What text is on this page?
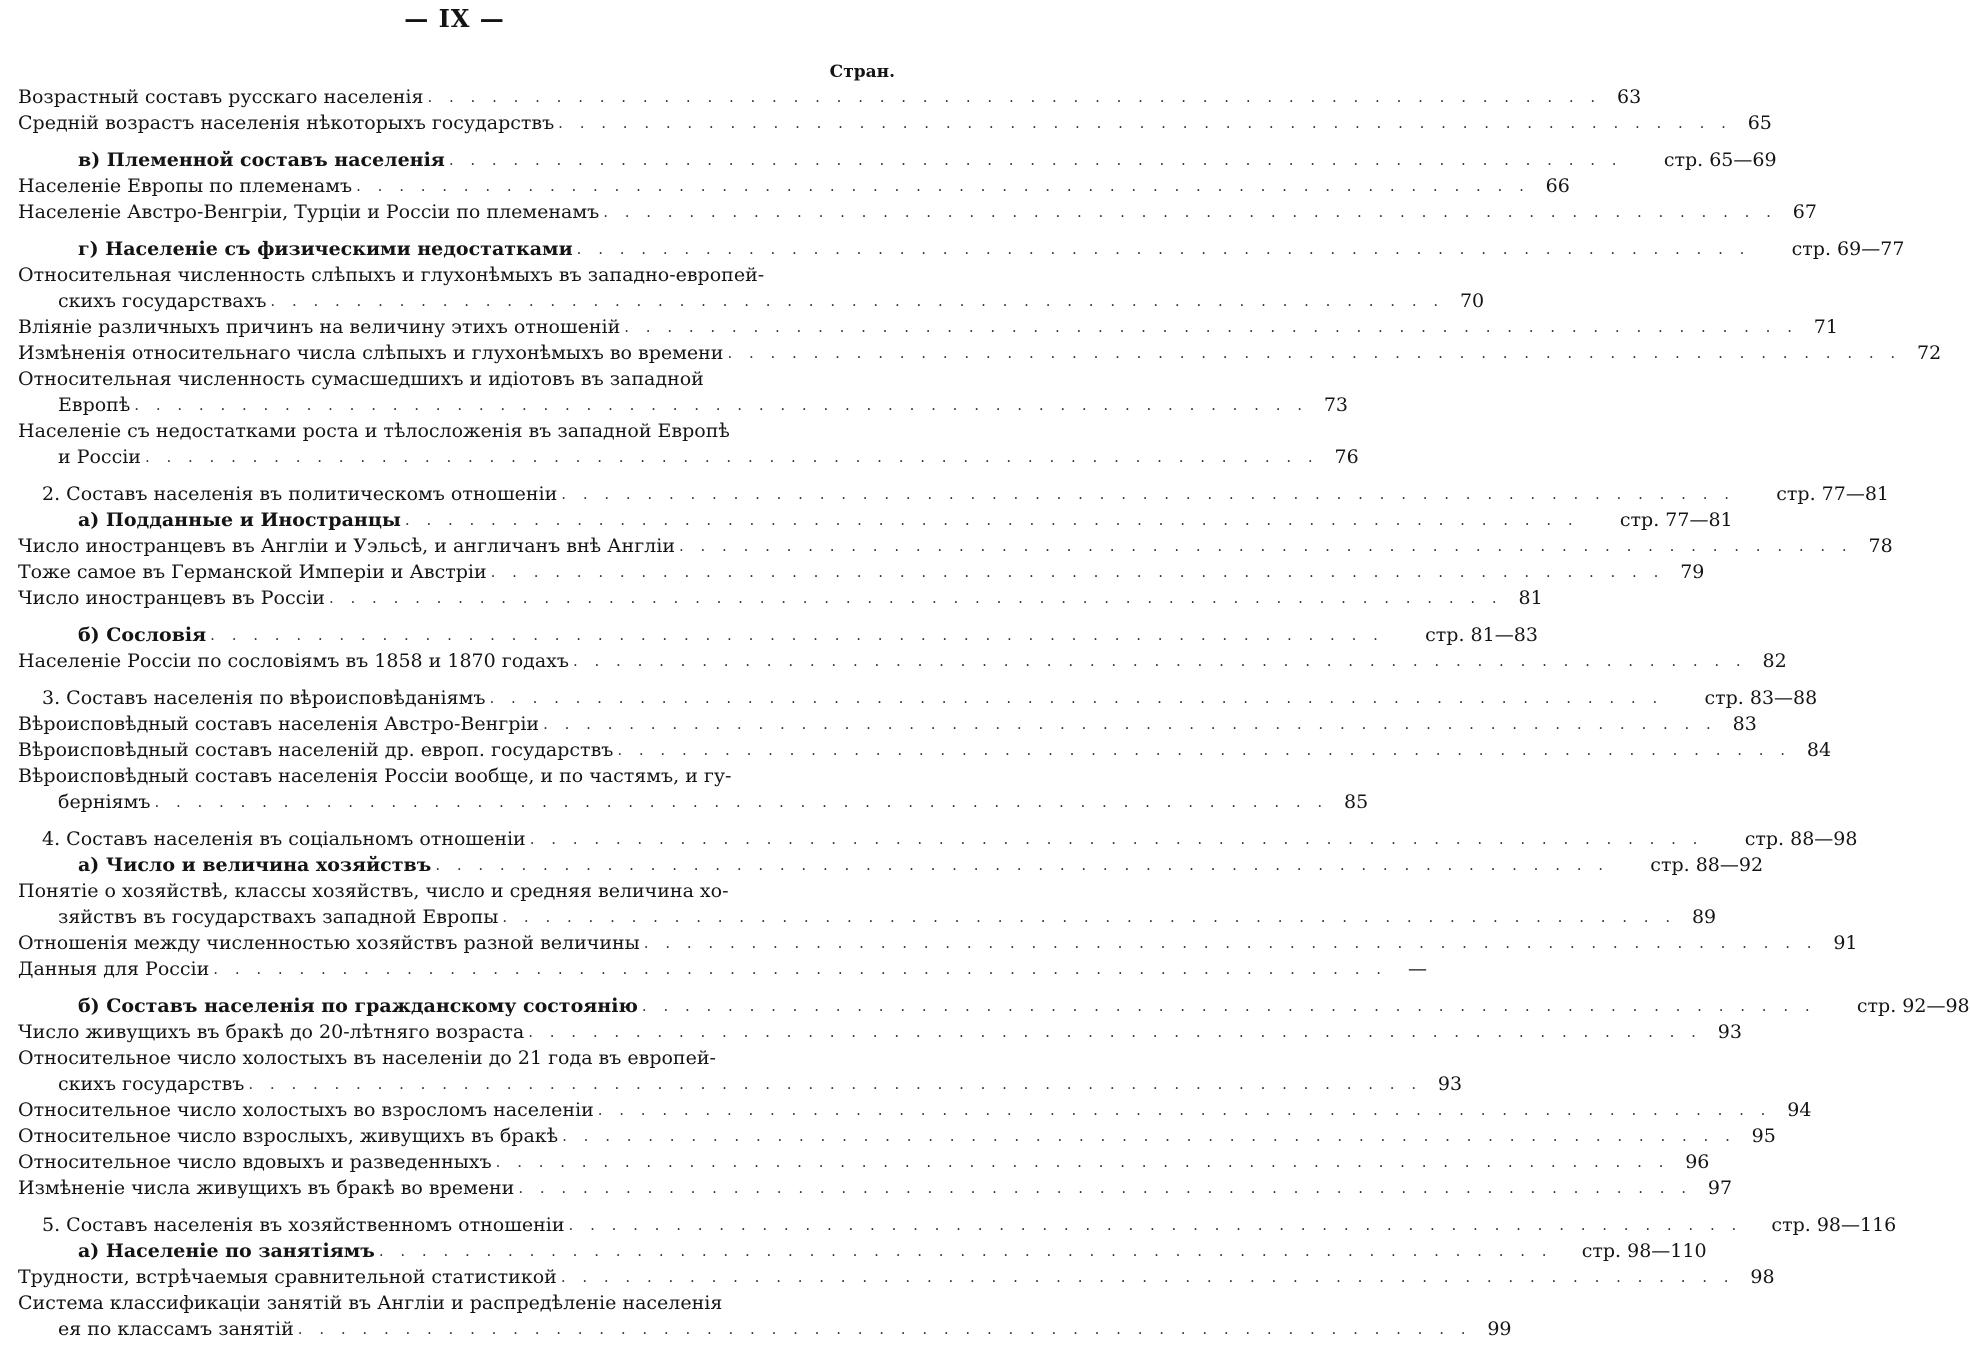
— IX —
Стран.
Возрастный составъ русскаго населенія . . . . . . . . . . . . . . . . . . . . . . . . . . . . . . . . . . . . . . . . . . . . . . . . . . . . . . . 63
Средній возрастъ населенія нѣкоторыхъ государствъ . . . . . . . . . . . . . . . . . . . . . . . . . . . . . . . . . . . . . . . . . . . . . . . . . . . . . . . 65
в) Племенной составъ населенія . . . . . . . . . . . . . . . . . . . . . . . . . . . . . . . . . . . . . . . . . . . . . . . . . . . . . . .	стр. 65—69
Населеніе Европы по племенамъ . . . . . . . . . . . . . . . . . . . . . . . . . . . . . . . . . . . . . . . . . . . . . . . . . . . . . . . 66
Населеніе Австро-Венгріи, Турціи и Россіи по племенамъ . . . . . . . . . . . . . . . . . . . . . . . . . . . . . . . . . . . . . . . . . . . . . . . . . . . . . . . 67
г) Населеніе съ физическими недостатками . . . . . . . . . . . . . . . . . . . . . . . . . . . . . . . . . . . . . . . . . . . . . . . . . . . . . . .	стр. 69—77
Относительная численность слѣпыхъ и глухонѣмыхъ въ западно-европей-
скихъ государствахъ . . . . . . . . . . . . . . . . . . . . . . . . . . . . . . . . . . . . . . . . . . . . . . . . . . . . . . . 70
Вліяніе различныхъ причинъ на величину этихъ отношеній . . . . . . . . . . . . . . . . . . . . . . . . . . . . . . . . . . . . . . . . . . . . . . . . . . . . . . . 71
Измѣненія относительнаго числа слѣпыхъ и глухонѣмыхъ во времени . . . . . . . . . . . . . . . . . . . . . . . . . . . . . . . . . . . . . . . . . . . . . . . . . . . . . . . 72
Относительная численность сумасшедшихъ и идіотовъ въ западной
Европѣ . . . . . . . . . . . . . . . . . . . . . . . . . . . . . . . . . . . . . . . . . . . . . . . . . . . . . . . 73
Населеніе съ недостатками роста и тѣлосложенія въ западной Европѣ
и Россіи . . . . . . . . . . . . . . . . . . . . . . . . . . . . . . . . . . . . . . . . . . . . . . . . . . . . . . . 76
2. Составъ населенія въ политическомъ отношеніи . . . . . . . . . . . . . . . . . . . . . . . . . . . . . . . . . . . . . . . . . . . . . . . . . . . . . . .	стр. 77—81
а) Подданные и Иностранцы . . . . . . . . . . . . . . . . . . . . . . . . . . . . . . . . . . . . . . . . . . . . . . . . . . . . . . .	стр. 77—81
Число иностранцевъ въ Англіи и Уэльсѣ, и англичанъ внѣ Англіи . . . . . . . . . . . . . . . . . . . . . . . . . . . . . . . . . . . . . . . . . . . . . . . . . . . . . . . 78
Тоже самое въ Германской Имперіи и Австріи . . . . . . . . . . . . . . . . . . . . . . . . . . . . . . . . . . . . . . . . . . . . . . . . . . . . . . . 79
Число иностранцевъ въ Россіи . . . . . . . . . . . . . . . . . . . . . . . . . . . . . . . . . . . . . . . . . . . . . . . . . . . . . . . 81
б) Сословія . . . . . . . . . . . . . . . . . . . . . . . . . . . . . . . . . . . . . . . . . . . . . . . . . . . . . . .	стр. 81—83
Населеніе Россіи по сословіямъ въ 1858 и 1870 годахъ . . . . . . . . . . . . . . . . . . . . . . . . . . . . . . . . . . . . . . . . . . . . . . . . . . . . . . . 82
3. Составъ населенія по вѣроисповѣданіямъ . . . . . . . . . . . . . . . . . . . . . . . . . . . . . . . . . . . . . . . . . . . . . . . . . . . . . . .	стр. 83—88
Вѣроисповѣдный составъ населенія Австро-Венгріи . . . . . . . . . . . . . . . . . . . . . . . . . . . . . . . . . . . . . . . . . . . . . . . . . . . . . . . 83
Вѣроисповѣдный составъ населеній др. европ. государствъ . . . . . . . . . . . . . . . . . . . . . . . . . . . . . . . . . . . . . . . . . . . . . . . . . . . . . . . 84
Вѣроисповѣдный составъ населенія Россіи вообще, и по частямъ, и гу-
берніямъ . . . . . . . . . . . . . . . . . . . . . . . . . . . . . . . . . . . . . . . . . . . . . . . . . . . . . . . 85
4. Составъ населенія въ соціальномъ отношеніи . . . . . . . . . . . . . . . . . . . . . . . . . . . . . . . . . . . . . . . . . . . . . . . . . . . . . . .	стр. 88—98
а) Число и величина хозяйствъ . . . . . . . . . . . . . . . . . . . . . . . . . . . . . . . . . . . . . . . . . . . . . . . . . . . . . . .	стр. 88—92
Понятіе о хозяйствѣ, классы хозяйствъ, число и средняя величина хо-
зяйствъ въ государствахъ западной Европы . . . . . . . . . . . . . . . . . . . . . . . . . . . . . . . . . . . . . . . . . . . . . . . . . . . . . . . 89
Отношенія между численностью хозяйствъ разной величины . . . . . . . . . . . . . . . . . . . . . . . . . . . . . . . . . . . . . . . . . . . . . . . . . . . . . . . 91
Данныя для Россіи . . . . . . . . . . . . . . . . . . . . . . . . . . . . . . . . . . . . . . . . . . . . . . . . . . . . . . .	—
б) Составъ населенія по гражданскому состоянію . . . . . . . . . . . . . . . . . . . . . . . . . . . . . . . . . . . . . . . . . . . . . . . . . . . . . . .	стр. 92—98
Число живущихъ въ бракѣ до 20-лѣтняго возраста . . . . . . . . . . . . . . . . . . . . . . . . . . . . . . . . . . . . . . . . . . . . . . . . . . . . . . . 93
Относительное число холостыхъ въ населеніи до 21 года въ европей-
скихъ государствъ . . . . . . . . . . . . . . . . . . . . . . . . . . . . . . . . . . . . . . . . . . . . . . . . . . . . . . . 93
Относительное число холостыхъ во взросломъ населеніи . . . . . . . . . . . . . . . . . . . . . . . . . . . . . . . . . . . . . . . . . . . . . . . . . . . . . . . 94
Относительное число взрослыхъ, живущихъ въ бракѣ . . . . . . . . . . . . . . . . . . . . . . . . . . . . . . . . . . . . . . . . . . . . . . . . . . . . . . . 95
Относительное число вдовыхъ и разведенныхъ . . . . . . . . . . . . . . . . . . . . . . . . . . . . . . . . . . . . . . . . . . . . . . . . . . . . . . . 96
Измѣненіе числа живущихъ въ бракѣ во времени . . . . . . . . . . . . . . . . . . . . . . . . . . . . . . . . . . . . . . . . . . . . . . . . . . . . . . . 97
5. Составъ населенія въ хозяйственномъ отношеніи . . . . . . . . . . . . . . . . . . . . . . . . . . . . . . . . . . . . . . . . . . . . . . . . . . . . . . .	стр. 98—116
а) Населеніе по занятіямъ . . . . . . . . . . . . . . . . . . . . . . . . . . . . . . . . . . . . . . . . . . . . . . . . . . . . . . .	стр. 98—110
Трудности, встрѣчаемыя сравнительной статистикой . . . . . . . . . . . . . . . . . . . . . . . . . . . . . . . . . . . . . . . . . . . . . . . . . . . . . . . 98
Система классификаціи занятій въ Англіи и распредѣленіе населенія
ея по классамъ занятій . . . . . . . . . . . . . . . . . . . . . . . . . . . . . . . . . . . . . . . . . . . . . . . . . . . . . . . 99
